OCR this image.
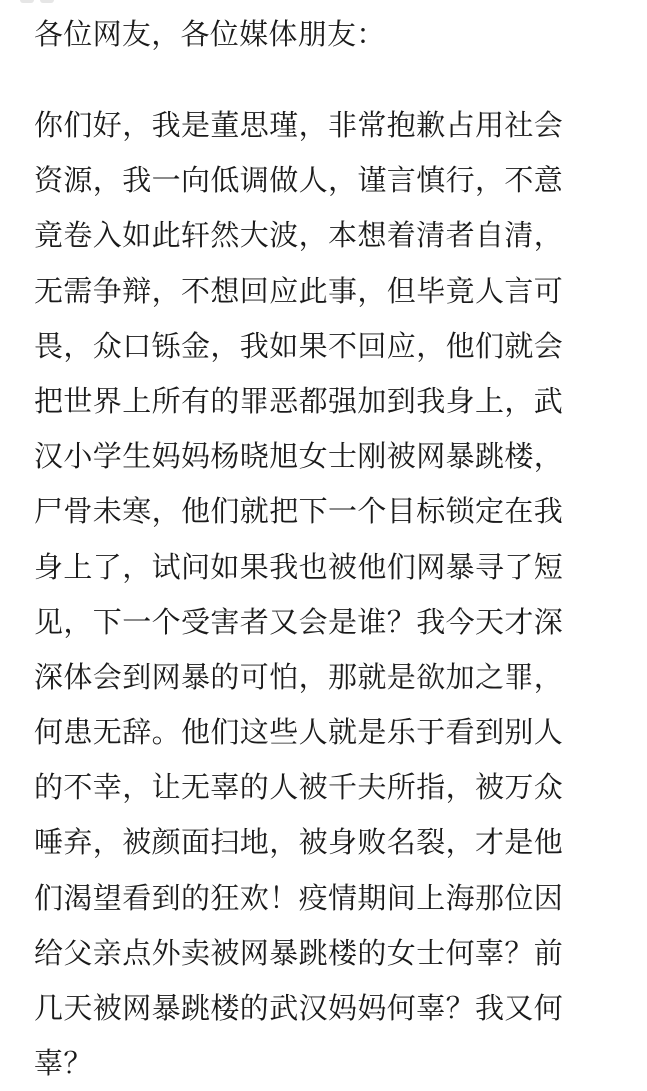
各位网友，各位媒体朋友：
你们好，我是董思瑾，非常抱歉占用社会
资源，我一向低调做人，谨言慎行，不意
竟卷入如此轩然大波，本想着清者自清，
无需争辩，不想回应此事，但毕竟人言可
畏，众口铄金，我如果不回应，他们就会
把世界上所有的罪恶都强加到我身上，武
汉小学生妈妈杨晓旭女士刚被网暴跳楼，
尸骨未寒，他们就把下一个目标锁定在我
身上了，试问如果我也被他们网暴寻了短
见，下一个受害者又会是谁？我今天才深
深体会到网暴的可怕，那就是欲加之罪，
何患无辞。他们这些人就是乐于看到别人
的不幸，让无辜的人被千夫所指，被万众
唾弃，被颜面扫地，被身败名裂，才是他
们渴望看到的狂欢！疫情期间上海那位因
给父亲点外卖被网暴跳楼的女士何辜？前
几天被网暴跳楼的武汉妈妈何辜？我又何
辜？
